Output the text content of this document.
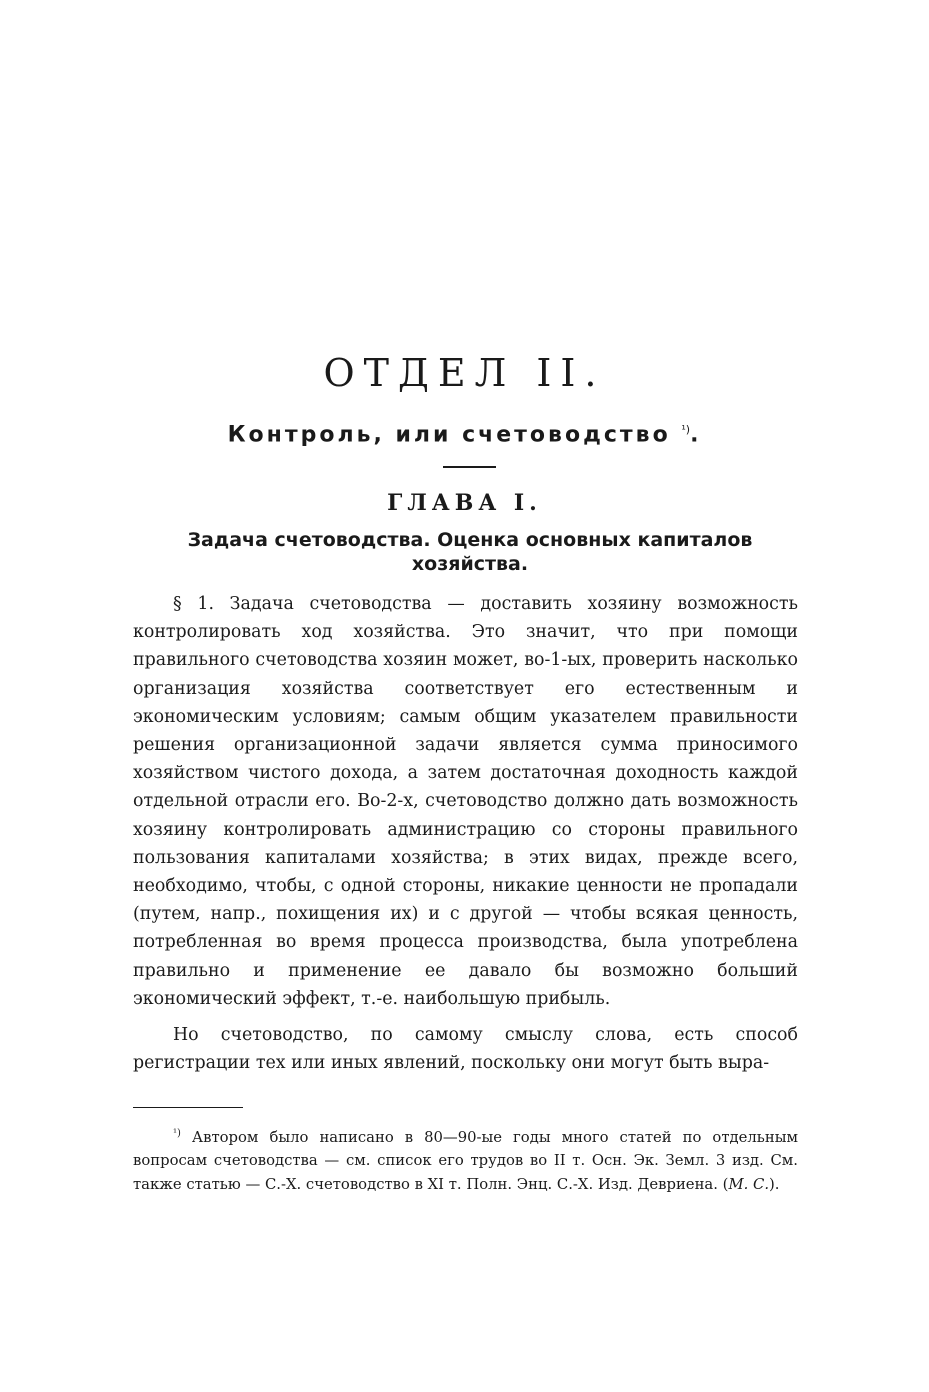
ОТДЕЛ II.
Контроль, или счетоводство $^{^1)}$.
ГЛАВА I.
Задача счетоводства. Оценка основных капиталов хозяйства.

§ 1. Задача счетоводства — доставить хозяину возможность контролировать ход хозяйства. Это значит, что при помощи правильного счетоводства хозяин может, во-1-ых, проверить насколько организация хозяйства соответствует его естественным и экономическим условиям; самым общим указателем правильности решения организационной задачи является сумма приносимого хозяйством чистого дохода, а затем достаточная доходность каждой отдельной отрасли его. Во-2-х, счетоводство должно дать возможность хозяину контролировать администрацию со стороны правильного пользования капиталами хозяйства; в этих видах, прежде всего, необходимо, чтобы, с одной стороны, никакие ценности не пропадали (путем, напр., похищения их) и с другой — чтобы всякая ценность, потребленная во время процесса производства, была употреблена правильно и применение ее давало бы возможно больший экономический эффект, т.-е. наибольшую прибыль.

Но счетоводство, по самому смыслу слова, есть способ регистрации тех или иных явлений, поскольку они могут быть выра-

$^{^1)}$ Автором было написано в 80—90-ые годы много статей по отдельным вопросам счетоводства — см. список его трудов во II т. Осн. Эк. Земл. 3 изд. См. также статью — С.-Х. счетоводство в XI т. Полн. Энц. С.-Х. Изд. Девриена. (М. С.).
